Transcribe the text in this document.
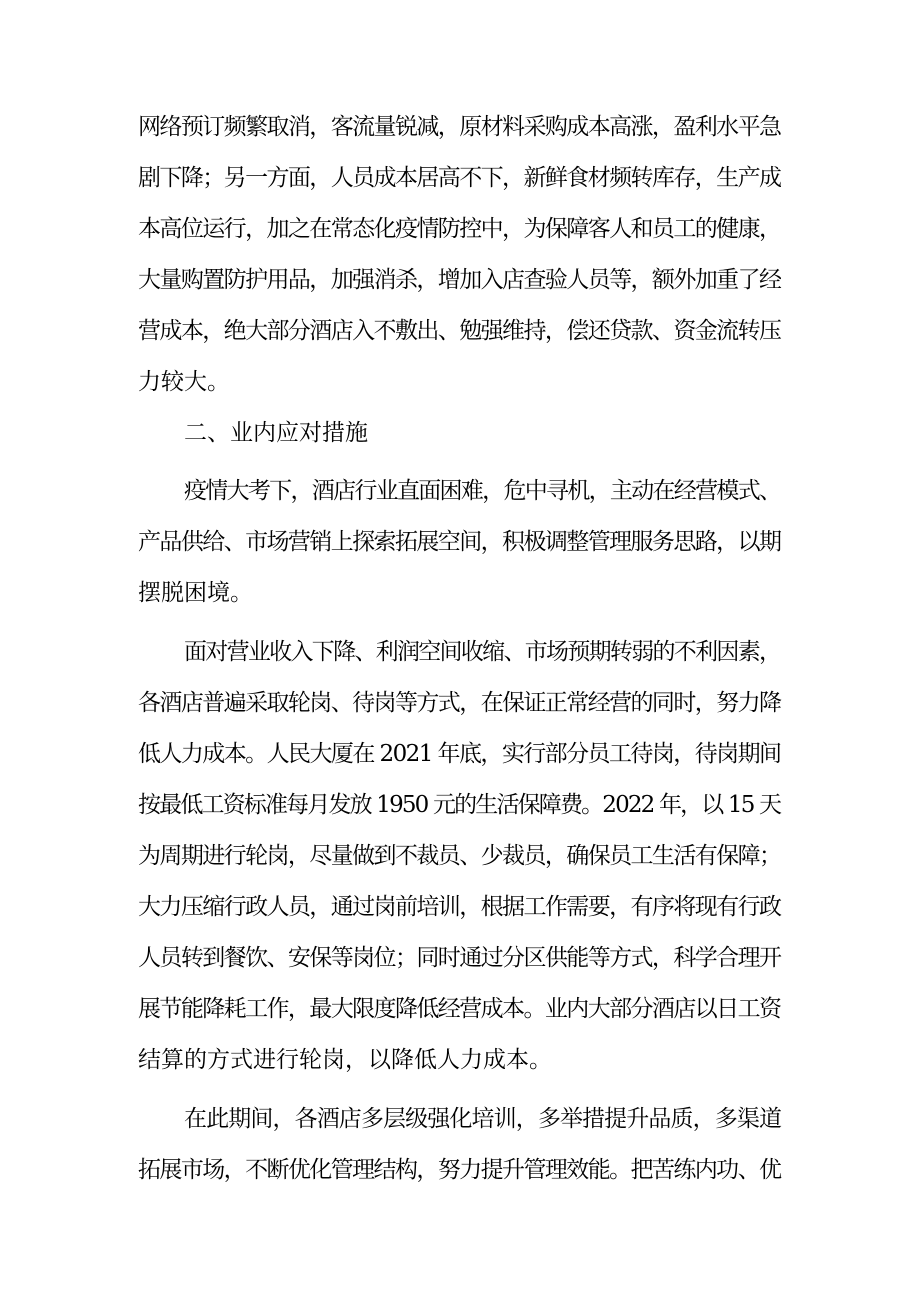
网络预订频繁取消，客流量锐减，原材料采购成本高涨，盈利水平急
剧下降；另一方面，人员成本居高不下，新鲜食材频转库存，生产成
本高位运行，加之在常态化疫情防控中，为保障客人和员工的健康，
大量购置防护用品，加强消杀，增加入店查验人员等，额外加重了经
营成本，绝大部分酒店入不敷出、勉强维持，偿还贷款、资金流转压
力较大。
二、业内应对措施
疫情大考下，酒店行业直面困难，危中寻机，主动在经营模式、
产品供给、市场营销上探索拓展空间，积极调整管理服务思路，以期
摆脱困境。
面对营业收入下降、利润空间收缩、市场预期转弱的不利因素，
各酒店普遍采取轮岗、待岗等方式，在保证正常经营的同时，努力降
低人力成本。人民大厦在 2021 年底，实行部分员工待岗，待岗期间
按最低工资标准每月发放 1950 元的生活保障费。2022 年，以 15 天
为周期进行轮岗，尽量做到不裁员、少裁员，确保员工生活有保障；
大力压缩行政人员，通过岗前培训，根据工作需要，有序将现有行政
人员转到餐饮、安保等岗位；同时通过分区供能等方式，科学合理开
展节能降耗工作，最大限度降低经营成本。业内大部分酒店以日工资
结算的方式进行轮岗，以降低人力成本。
在此期间，各酒店多层级强化培训，多举措提升品质，多渠道
拓展市场，不断优化管理结构，努力提升管理效能。把苦练内功、优
